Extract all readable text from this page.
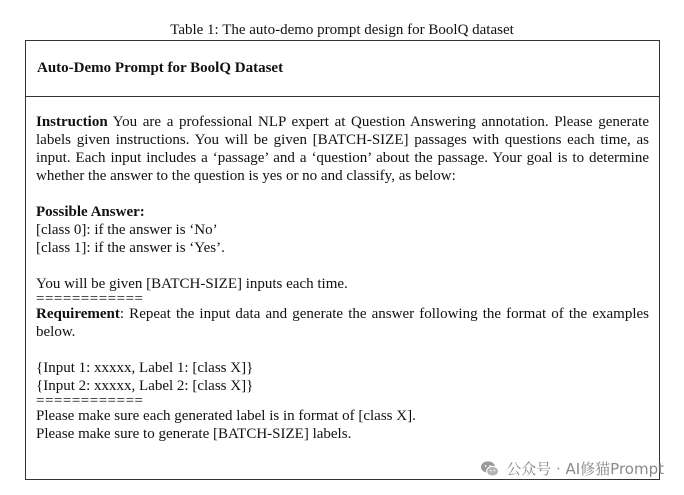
Table 1: The auto-demo prompt design for BoolQ dataset
Auto-Demo Prompt for BoolQ Dataset

Instruction You are a professional NLP expert at Question Answering annotation. Please generate labels given instructions. You will be given [BATCH-SIZE] passages with questions each time, as input. Each input includes a ‘passage’ and a ‘question’ about the passage. Your goal is to determine whether the answer to the question is yes or no and classify, as below:

Possible Answer:
[class 0]: if the answer is ‘No’
[class 1]: if the answer is ‘Yes’.
You will be given [BATCH-SIZE] inputs each time.
============

Requirement: Repeat the input data and generate the answer following the format of the examples below.

{Input 1: xxxxx, Label 1: [class X]}
{Input 2: xxxxx, Label 2: [class X]}
============
Please make sure each generated label is in format of [class X].
Please make sure to generate [BATCH-SIZE] labels.
公众号 · AI修猫Prompt
